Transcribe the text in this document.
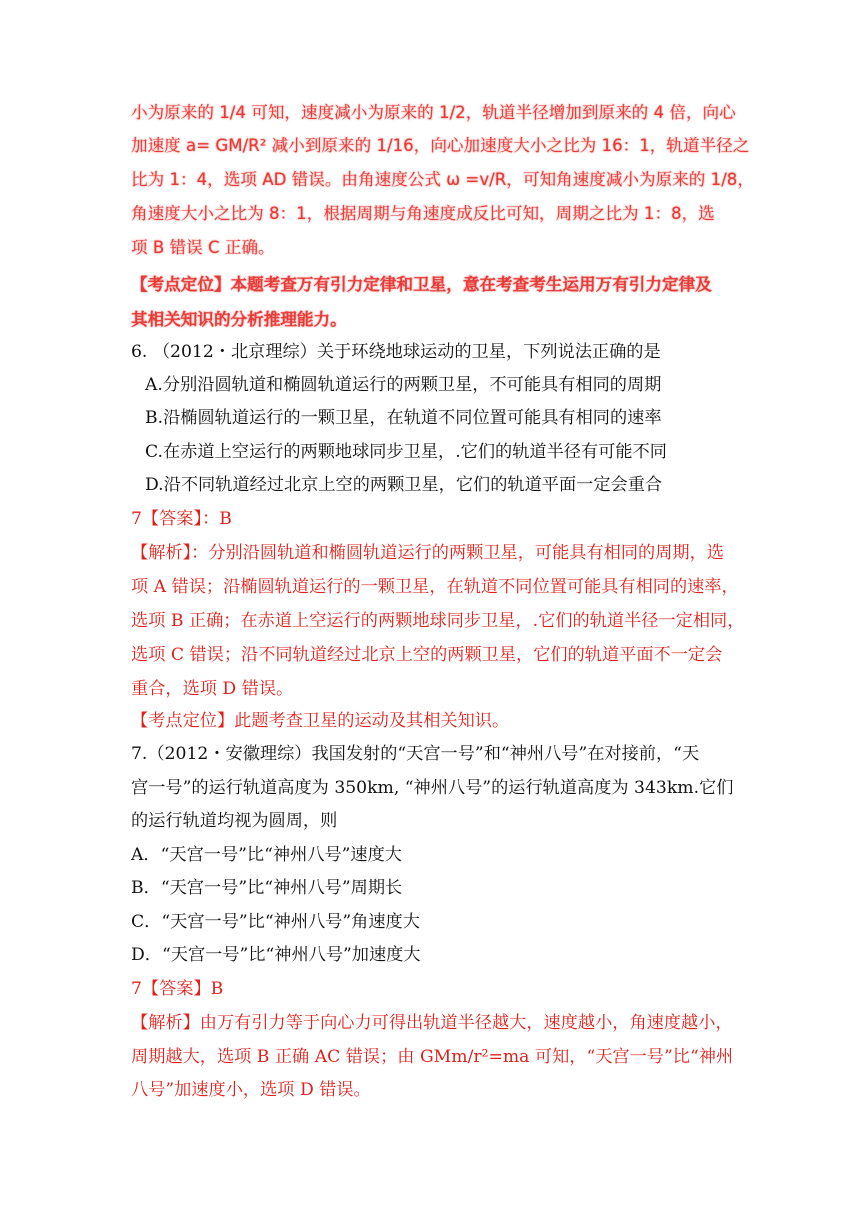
小为原来的 1/4 可知，速度减小为原来的 1/2，轨道半径增加到原来的 4 倍，向心
加速度 a= GM/R² 减小到原来的 1/16，向心加速度大小之比为 16：1，轨道半径之
比为 1：4，选项 AD 错误。由角速度公式 ω =v/R，可知角速度减小为原来的 1/8，
角速度大小之比为 8：1，根据周期与角速度成反比可知，周期之比为 1：8，选
项 B 错误 C 正确。
【考点定位】本题考查万有引力定律和卫星，意在考查考生运用万有引力定律及
其相关知识的分析推理能力。
6. （2012・北京理综）关于环绕地球运动的卫星，下列说法正确的是
A.分别沿圆轨道和椭圆轨道运行的两颗卫星，不可能具有相同的周期
B.沿椭圆轨道运行的一颗卫星，在轨道不同位置可能具有相同的速率
C.在赤道上空运行的两颗地球同步卫星，.它们的轨道半径有可能不同
D.沿不同轨道经过北京上空的两颗卫星，它们的轨道平面一定会重合
7【答案】：B
【解析】：分别沿圆轨道和椭圆轨道运行的两颗卫星，可能具有相同的周期，选
项 A 错误；沿椭圆轨道运行的一颗卫星，在轨道不同位置可能具有相同的速率，
选项 B 正确；在赤道上空运行的两颗地球同步卫星，.它们的轨道半径一定相同，
选项 C 错误；沿不同轨道经过北京上空的两颗卫星，它们的轨道平面不一定会
重合，选项 D 错误。
【考点定位】此题考查卫星的运动及其相关知识。
7.（2012・安徽理综）我国发射的“天宫一号”和“神州八号”在对接前，“天
宫一号”的运行轨道高度为 350km, “神州八号”的运行轨道高度为 343km.它们
的运行轨道均视为圆周，则
A．“天宫一号”比“神州八号”速度大
B．“天宫一号”比“神州八号”周期长
C．“天宫一号”比“神州八号”角速度大
D．“天宫一号”比“神州八号”加速度大
7【答案】B
【解析】由万有引力等于向心力可得出轨道半径越大，速度越小，角速度越小，
周期越大，选项 B 正确 AC 错误；由 GMm/r²=ma 可知，“天宫一号”比“神州
八号”加速度小，选项 D 错误。
